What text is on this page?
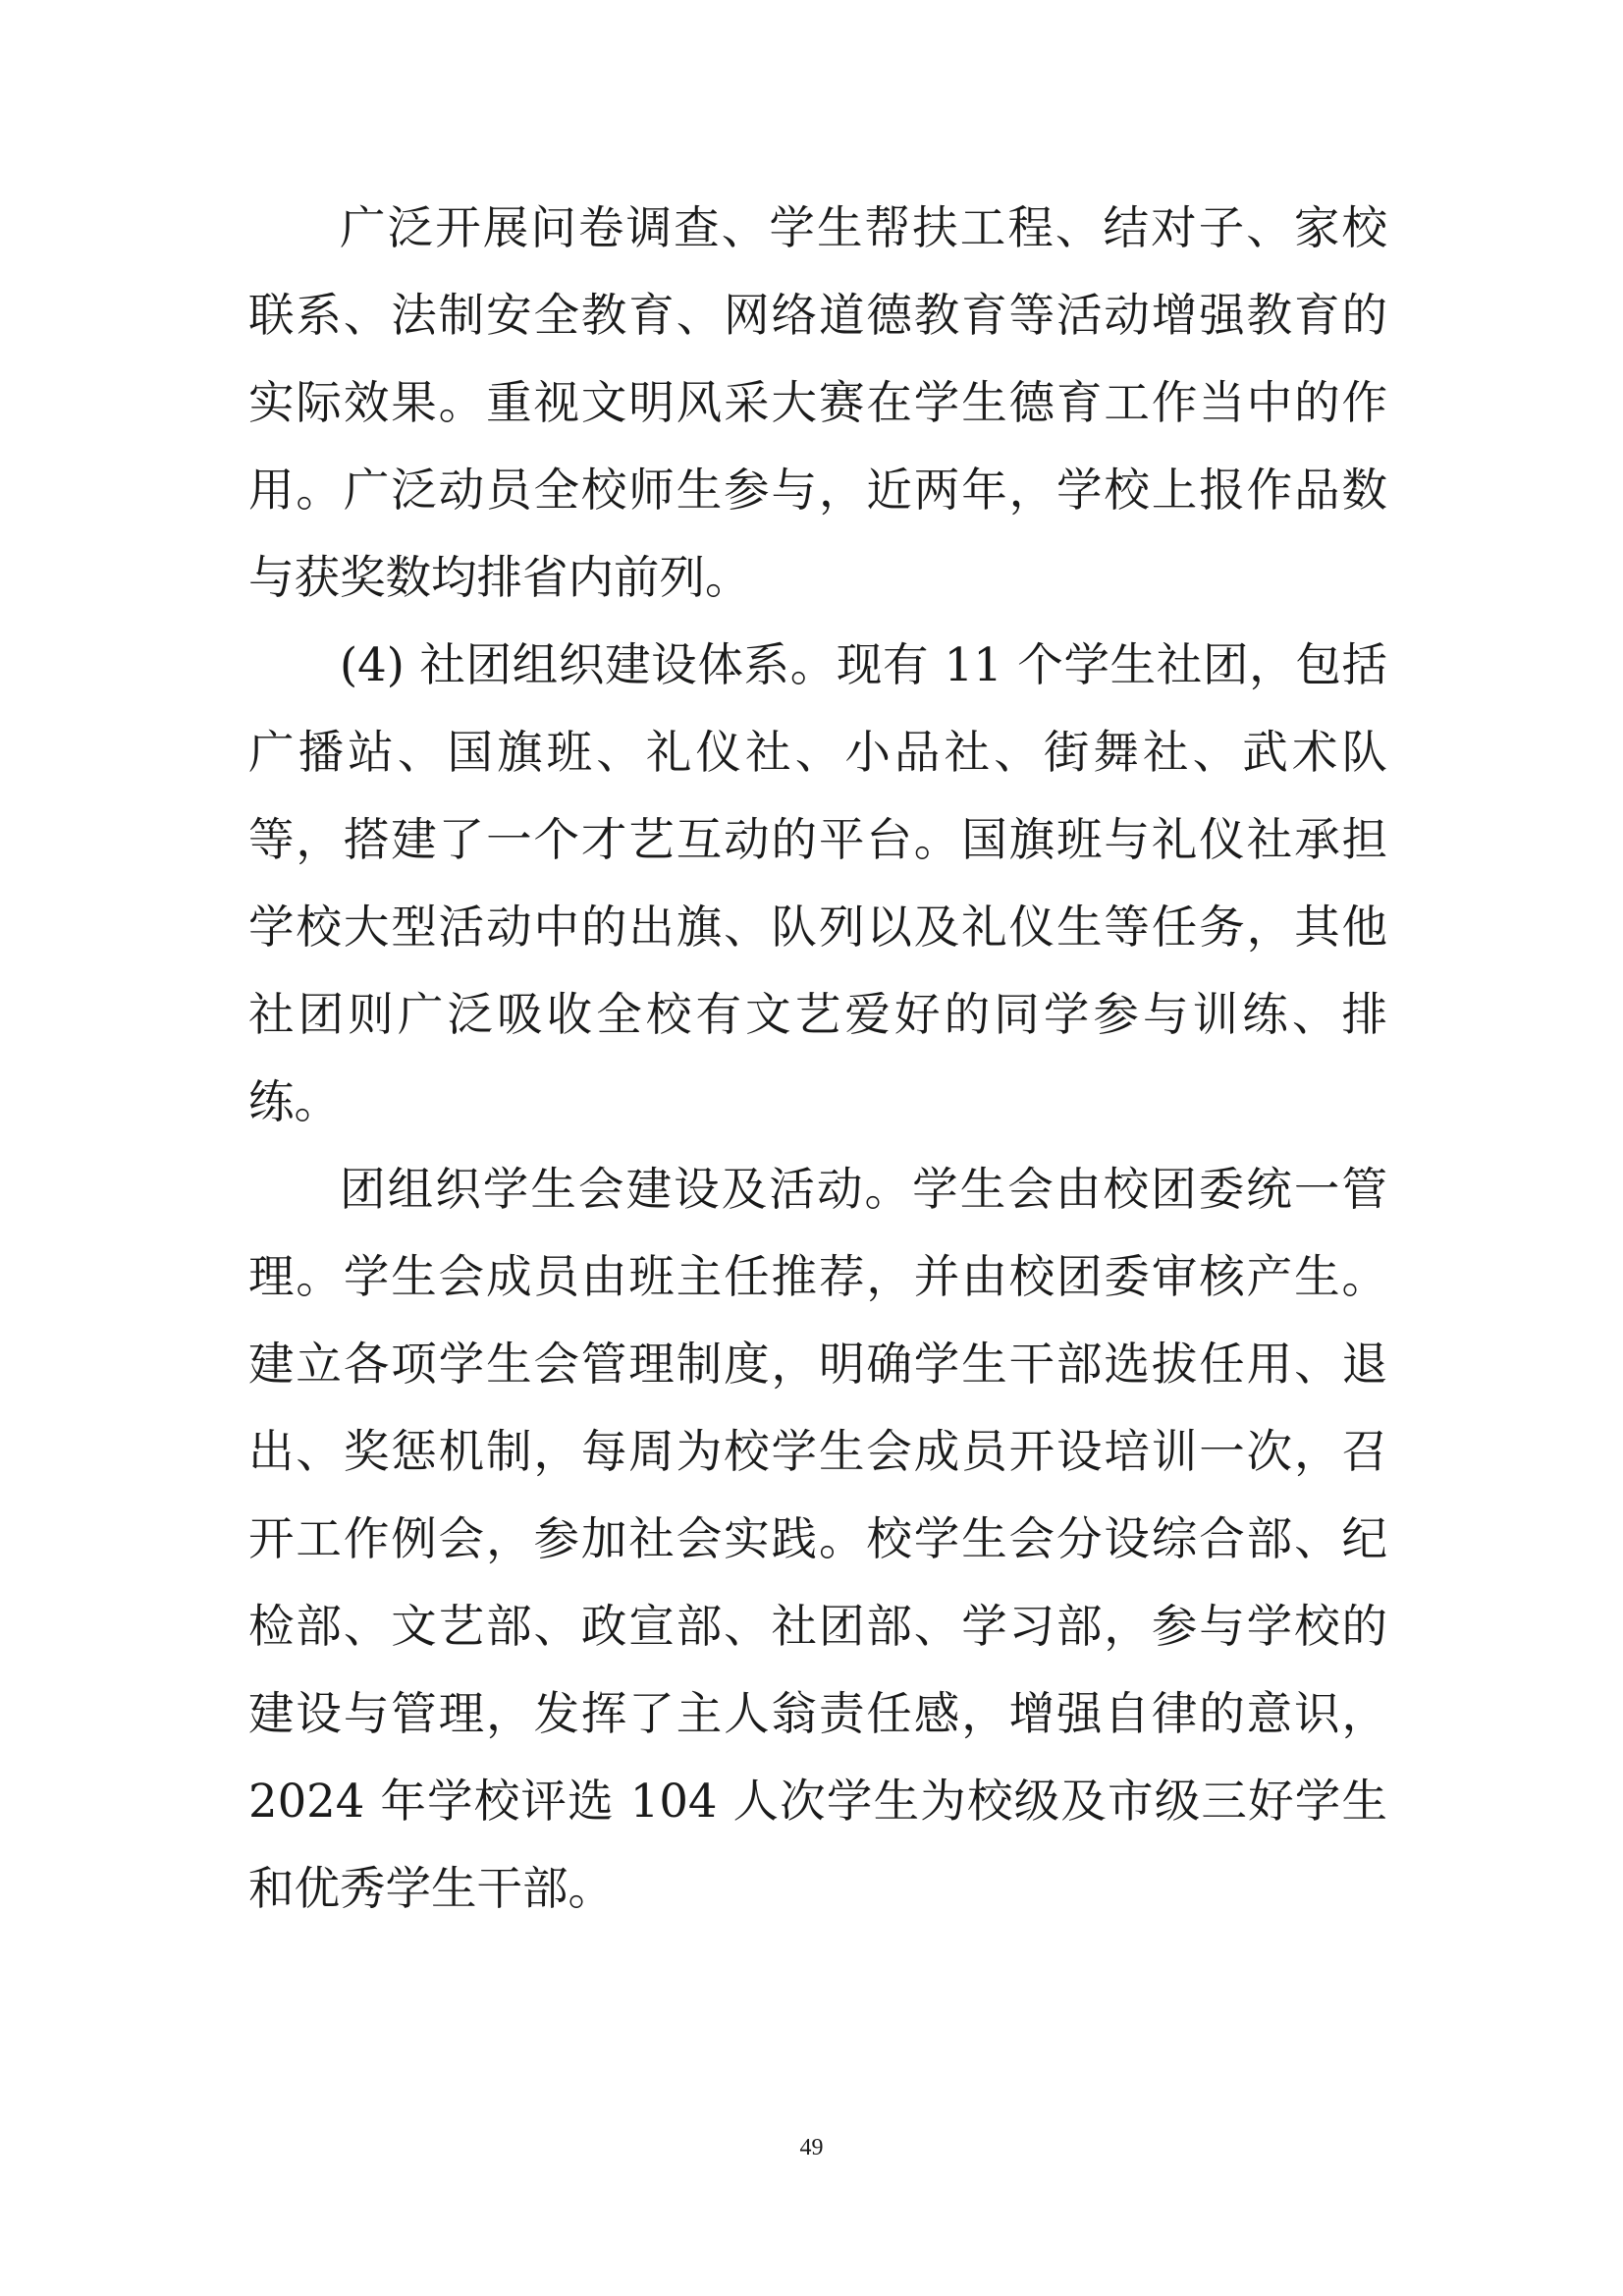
广泛开展问卷调查、学生帮扶工程、结对子、家校联系、法制安全教育、网络道德教育等活动增强教育的实际效果。重视文明风采大赛在学生德育工作当中的作用。广泛动员全校师生参与，近两年，学校上报作品数与获奖数均排省内前列。

(4) 社团组织建设体系。现有 11 个学生社团，包括广播站、国旗班、礼仪社、小品社、街舞社、武术队等，搭建了一个才艺互动的平台。国旗班与礼仪社承担学校大型活动中的出旗、队列以及礼仪生等任务，其他社团则广泛吸收全校有文艺爱好的同学参与训练、排练。

团组织学生会建设及活动。学生会由校团委统一管理。学生会成员由班主任推荐，并由校团委审核产生。建立各项学生会管理制度，明确学生干部选拔任用、退出、奖惩机制，每周为校学生会成员开设培训一次，召开工作例会，参加社会实践。校学生会分设综合部、纪检部、文艺部、政宣部、社团部、学习部，参与学校的建设与管理，发挥了主人翁责任感，增强自律的意识，2024 年学校评选 104 人次学生为校级及市级三好学生和优秀学生干部。

49
